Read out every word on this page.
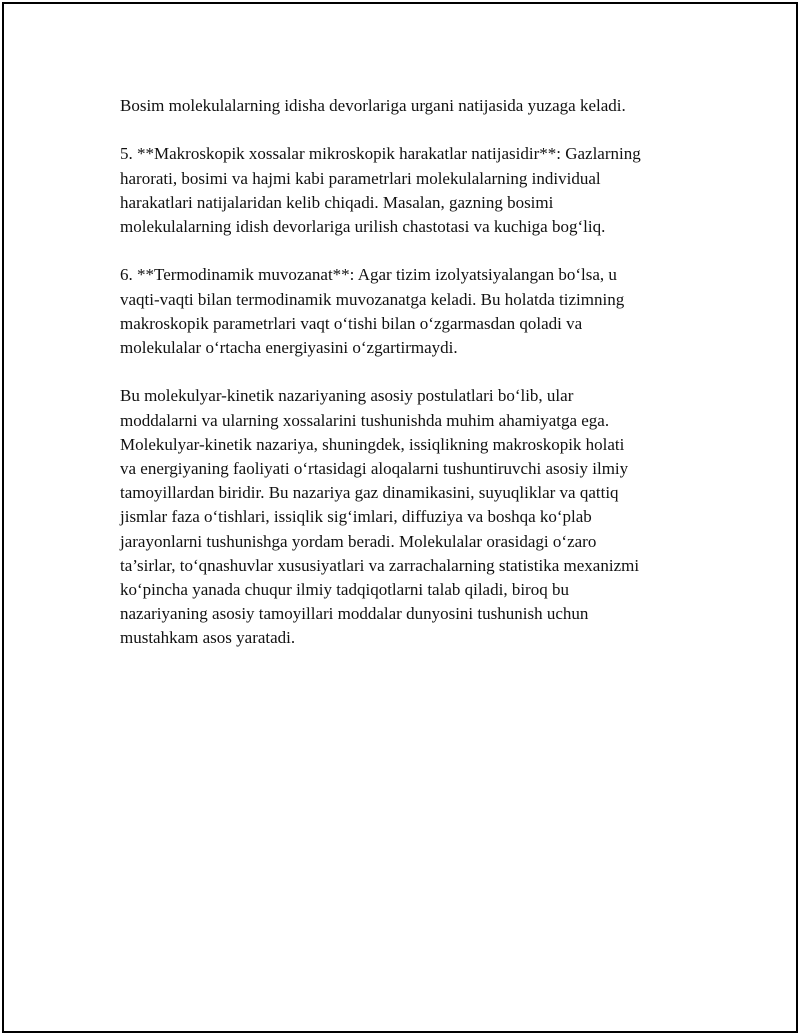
Bosim molekulalarning idisha devorlariga urgani natijasida yuzaga keladi.

5. **Makroskopik xossalar mikroskopik harakatlar natijasidir**: Gazlarning
harorati, bosimi va hajmi kabi parametrlari molekulalarning individual
harakatlari natijalaridan kelib chiqadi. Masalan, gazning bosimi
molekulalarning idish devorlariga urilish chastotasi va kuchiga bog‘liq.

6. **Termodinamik muvozanat**: Agar tizim izolyatsiyalangan bo‘lsa, u
vaqti-vaqti bilan termodinamik muvozanatga keladi. Bu holatda tizimning
makroskopik parametrlari vaqt o‘tishi bilan o‘zgarmasdan qoladi va
molekulalar o‘rtacha energiyasini o‘zgartirmaydi.

Bu molekulyar-kinetik nazariyaning asosiy postulatlari bo‘lib, ular
moddalarni va ularning xossalarini tushunishda muhim ahamiyatga ega.
Molekulyar-kinetik nazariya, shuningdek, issiqlikning makroskopik holati
va energiyaning faoliyati o‘rtasidagi aloqalarni tushuntiruvchi asosiy ilmiy
tamoyillardan biridir. Bu nazariya gaz dinamikasini, suyuqliklar va qattiq
jismlar faza o‘tishlari, issiqlik sig‘imlari, diffuziya va boshqa ko‘plab
jarayonlarni tushunishga yordam beradi. Molekulalar orasidagi o‘zaro
ta’sirlar, to‘qnashuvlar xususiyatlari va zarrachalarning statistika mexanizmi
ko‘pincha yanada chuqur ilmiy tadqiqotlarni talab qiladi, biroq bu
nazariyaning asosiy tamoyillari moddalar dunyosini tushunish uchun
mustahkam asos yaratadi.
